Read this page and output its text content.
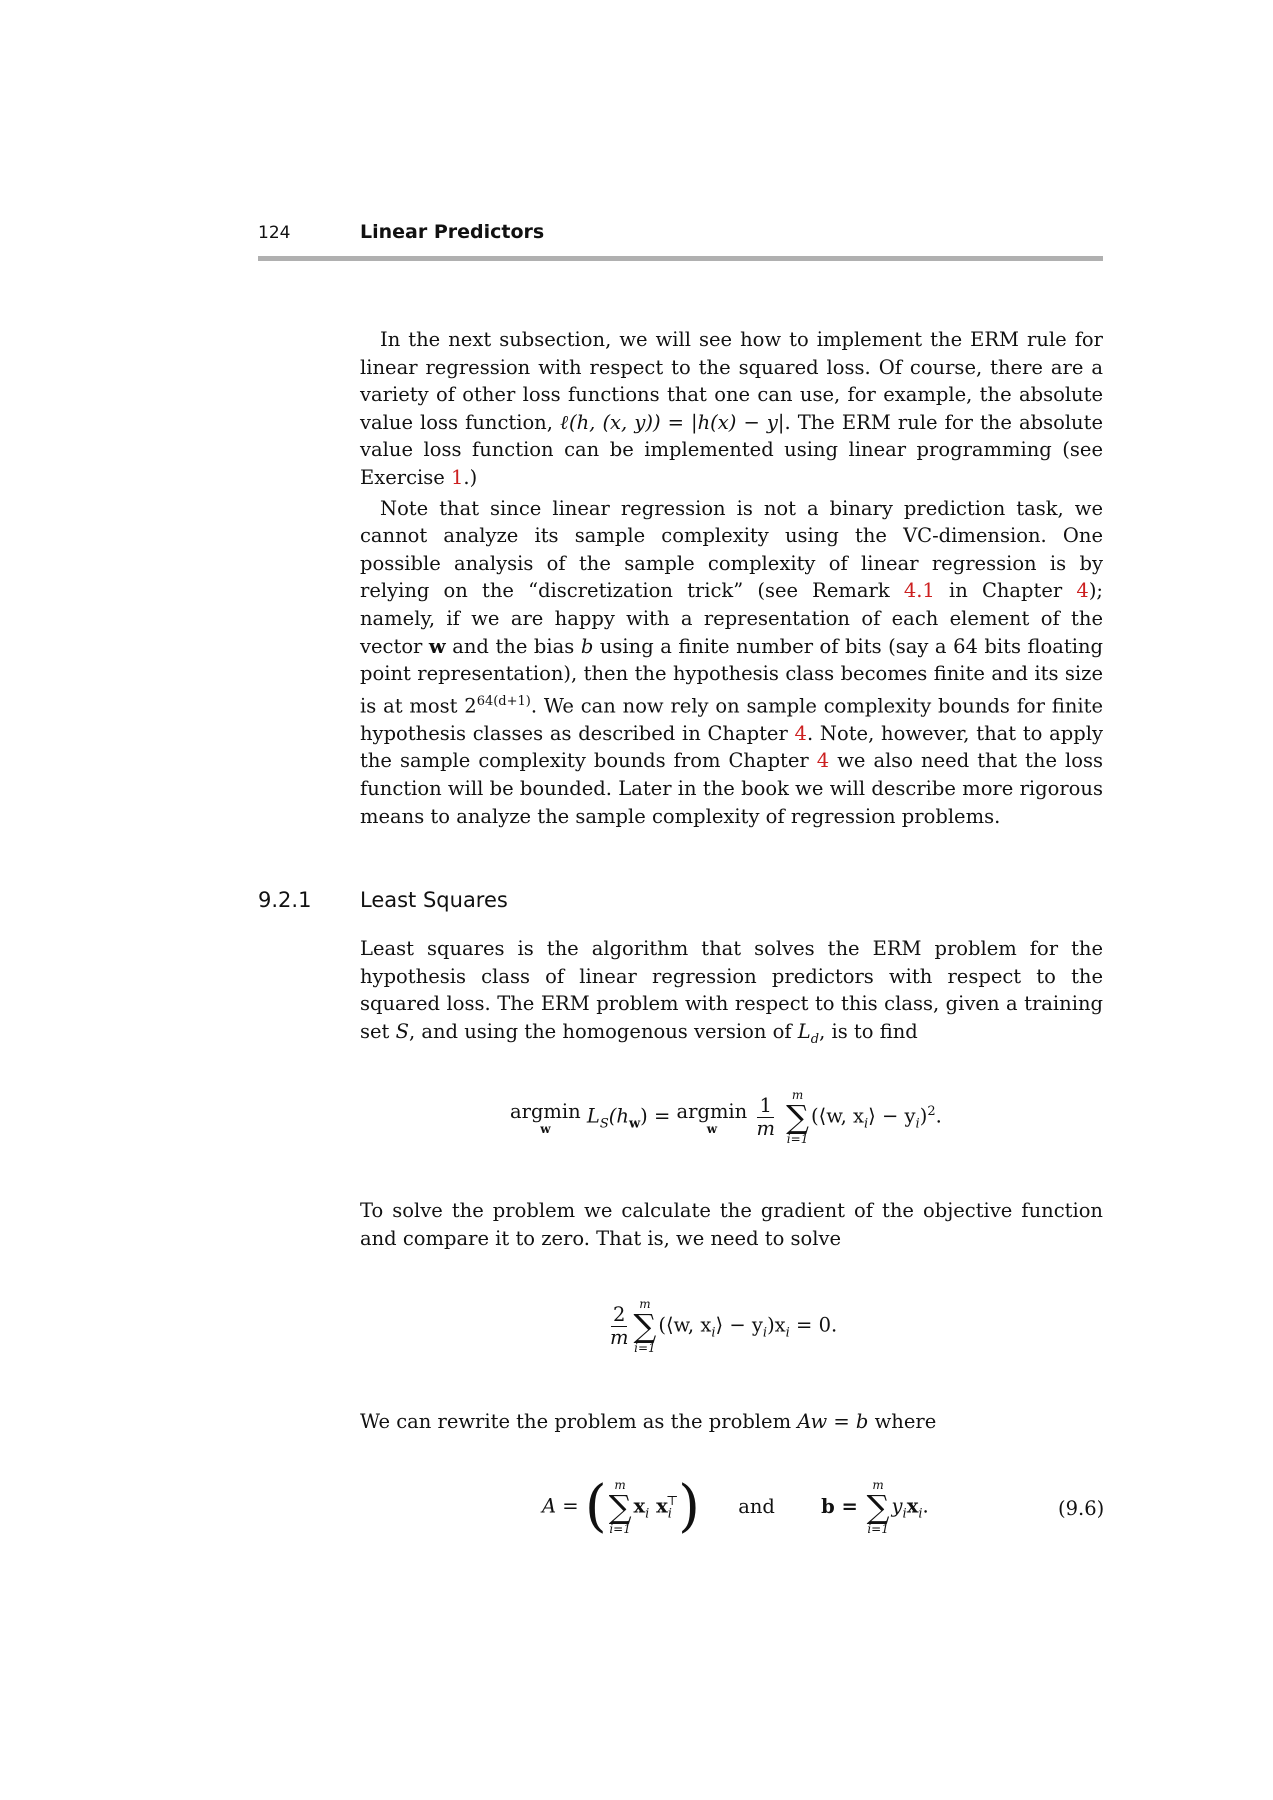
124	Linear Predictors

In the next subsection, we will see how to implement the ERM rule for linear regression with respect to the squared loss. Of course, there are a variety of other loss functions that one can use, for example, the absolute value loss function, ℓ(h, (x, y)) = |h(x) − y|. The ERM rule for the absolute value loss function can be implemented using linear programming (see Exercise 1.)

Note that since linear regression is not a binary prediction task, we cannot analyze its sample complexity using the VC-dimension. One possible analysis of the sample complexity of linear regression is by relying on the “discretization trick” (see Remark 4.1 in Chapter 4); namely, if we are happy with a representation of each element of the vector w and the bias b using a finite number of bits (say a 64 bits floating point representation), then the hypothesis class becomes finite and its size is at most $2^{64(d+1)}$. We can now rely on sample complexity bounds for finite hypothesis classes as described in Chapter 4. Note, however, that to apply the sample complexity bounds from Chapter 4 we also need that the loss function will be bounded. Later in the book we will describe more rigorous means to analyze the sample complexity of regression problems.

9.2.1 Least Squares

Least squares is the algorithm that solves the ERM problem for the hypothesis class of linear regression predictors with respect to the squared loss. The ERM problem with respect to this class, given a training set S, and using the homogenous version of $L_d$, is to find

argmin
w
$L_S(h_w) = argmin$
w
$\frac{1}{m}$
m
∑
i=1
(⟨w, $x_i⟩ - y_i)^2$.

To solve the problem we calculate the gradient of the objective function and compare it to zero. That is, we need to solve

$\frac{2}{m}$ m
∑
i=1
(⟨w, $x_i⟩ - y_i)x_i = 0$.

We can rewrite the problem as the problem Aw = b where

A = ( m
∑
i=1
$x_i$ $x_i^⊤$) and b =
m
∑
i=1
$y_ix_i$.	(9.6)
